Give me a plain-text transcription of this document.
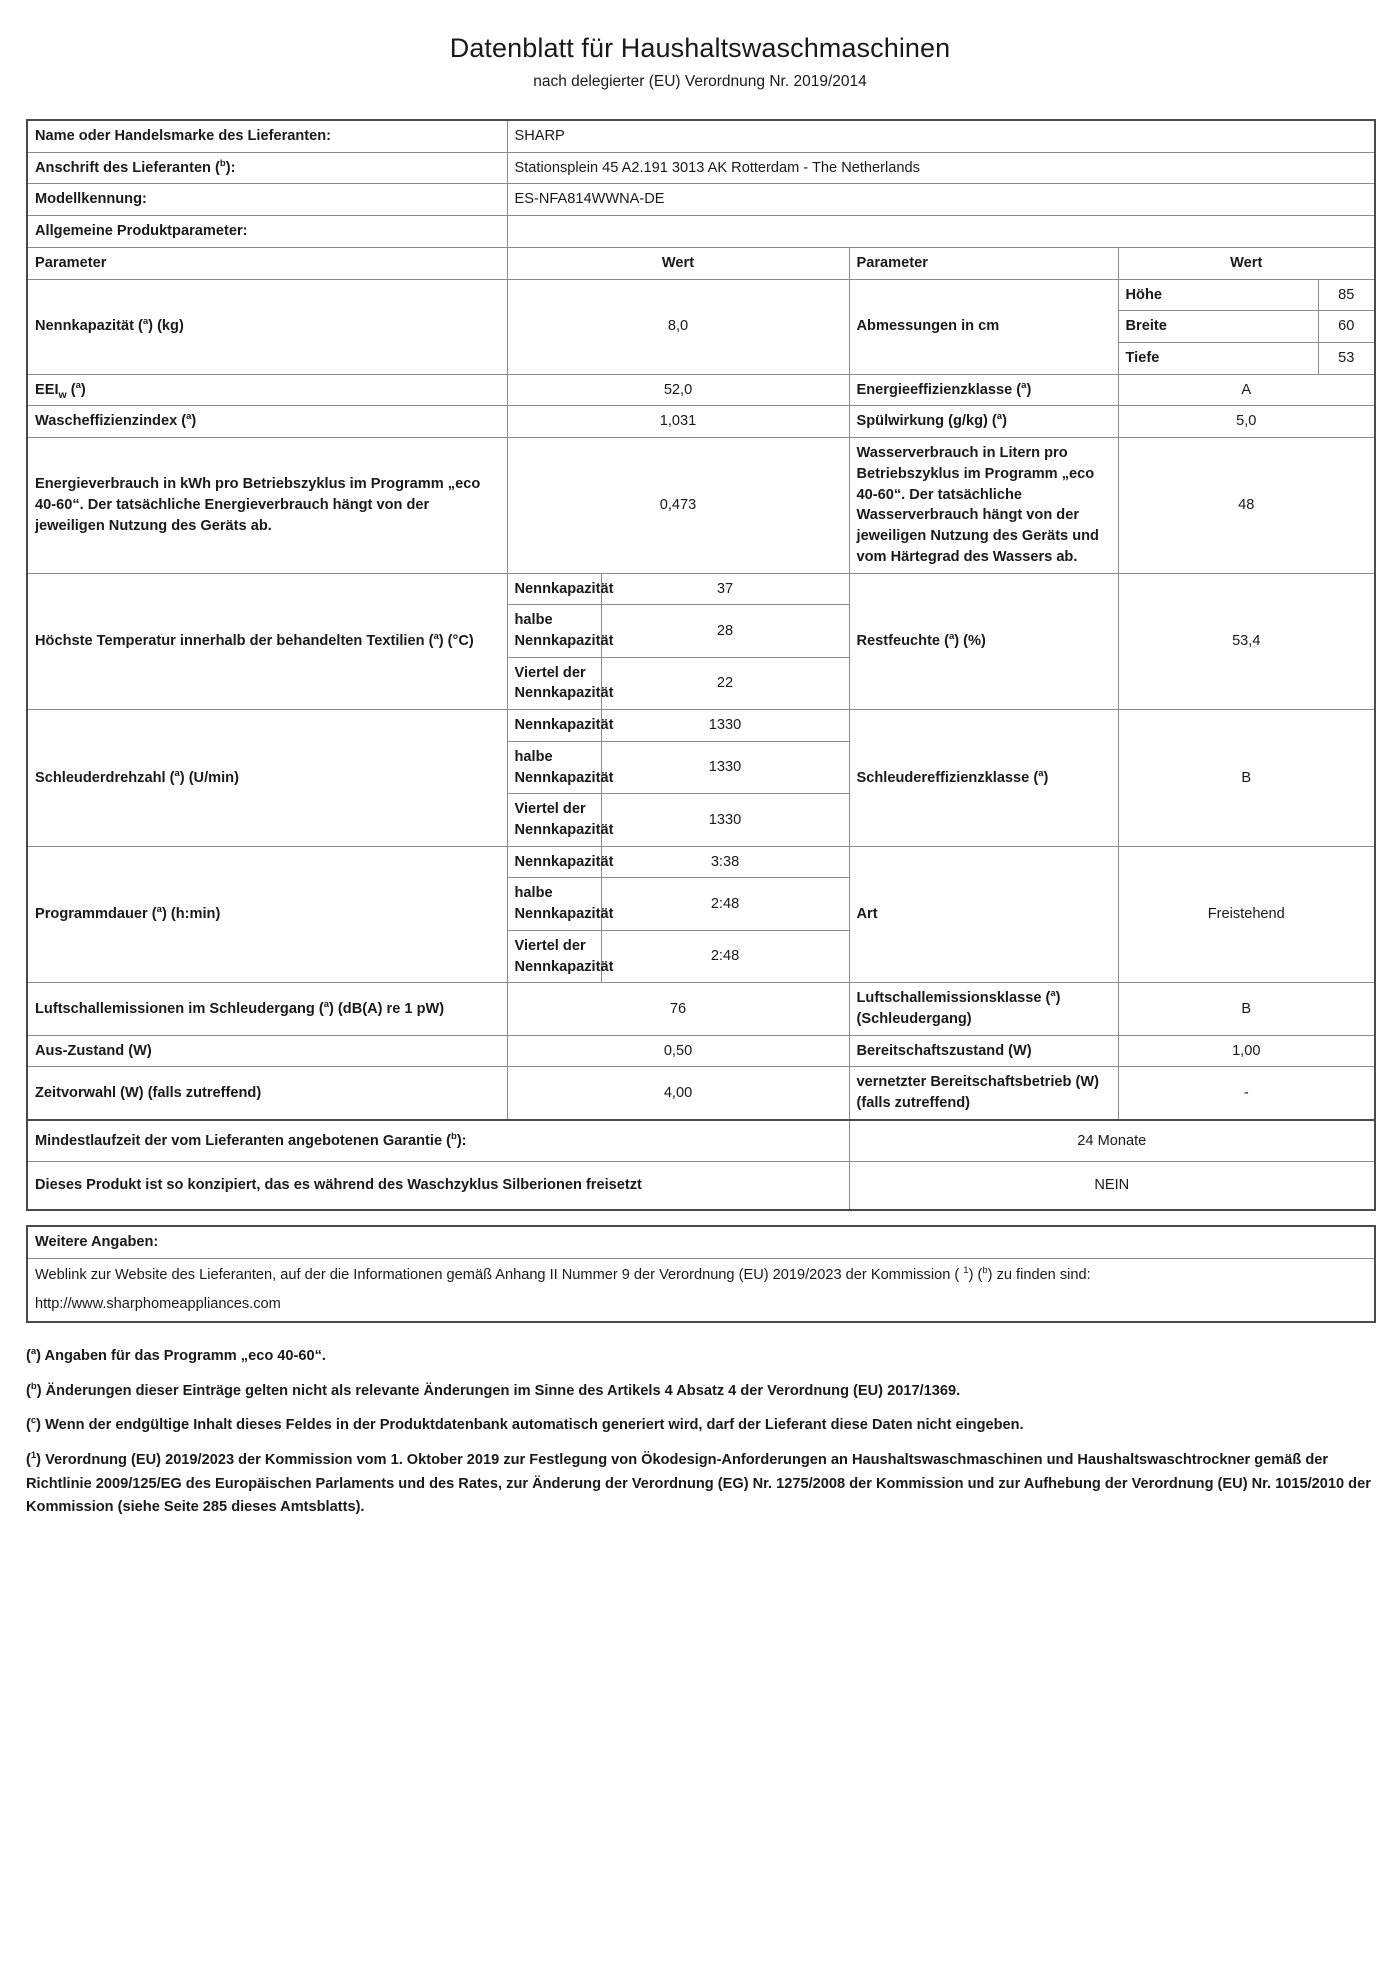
Datenblatt für Haushaltswaschmaschinen

nach delegierter (EU) Verordnung Nr. 2019/2014

Name oder Handelsmarke des Lieferanten:	SHARP				
Anschrift des Lieferanten ($^b$):	Stationsplein 45 A2.191 3013 AK Rotterdam - The Netherlands				
Modellkennung:	ES-NFA814WWNA-DE				
Allgemeine Produktparameter:					
Parameter	Wert		Parameter	Wert	
Nennkapazität ($^a$) (kg)	8,0		Abmessungen in cm	Höhe	85
				Breite	60
				Tiefe	53
$EEI_w$ ($^a$)	52,0		Energieeffizienzklasse ($^a$)	A	
Wascheffizienzindex ($^a$)	1,031		Spülwirkung (g/kg) ($^a$)	5,0	
Energieverbrauch in kWh pro Betriebszyklus im Programm „eco 40-60“. Der tatsächliche Energieverbrauch hängt von der jeweiligen Nutzung des Geräts ab.	0,473		Wasserverbrauch in Litern pro Betriebszyklus im Programm „eco 40-60“. Der tatsächliche Wasserverbrauch hängt von der jeweiligen Nutzung des Geräts und vom Härtegrad des Wassers ab.	48	
Höchste Temperatur innerhalb der behandelten Textilien ($^a$) (°C)	Nennkapazität	37	Restfeuchte ($^a$) (%)	53,4	
	halbe Nennkapazität	28			
	Viertel der Nennkapazität	22			
Schleuderdrehzahl ($^a$) (U/min)	Nennkapazität	1330	Schleudereffizienzklasse ($^a$)	B	
	halbe Nennkapazität	1330			
	Viertel der Nennkapazität	1330			
Programmdauer ($^a$) (h:min)	Nennkapazität	3:38	Art	Freistehend	
	halbe Nennkapazität	2:48			
	Viertel der Nennkapazität	2:48			
Luftschallemissionen im Schleudergang ($^a$) (dB(A) re 1 pW)	76		Luftschallemissionsklasse ($^a$) (Schleudergang)	B	
Aus-Zustand (W)	0,50		Bereitschaftszustand (W)	1,00	
Zeitvorwahl (W) (falls zutreffend)	4,00		vernetzter Bereitschaftsbetrieb (W) (falls zutreffend)	-	
Mindestlaufzeit der vom Lieferanten angebotenen Garantie ($^b$):			24 Monate		
Dieses Produkt ist so konzipiert, das es während des Waschzyklus Silberionen freisetzt			NEIN		

Weitere Angaben:					

Weblink zur Website des Lieferanten, auf der die Informationen gemäß Anhang II Nummer 9 der Verordnung (EU) 2019/2023 der Kommission ( $^1$) ($^b$) zu finden sind:
http://www.sharphomeappliances.com					
($^a$) Angaben für das Programm „eco 40-60“.
($^b$) Änderungen dieser Einträge gelten nicht als relevante Änderungen im Sinne des Artikels 4 Absatz 4 der Verordnung (EU) 2017/1369.
($^c$) Wenn der endgültige Inhalt dieses Feldes in der Produktdatenbank automatisch generiert wird, darf der Lieferant diese Daten nicht eingeben.
($^1$) Verordnung (EU) 2019/2023 der Kommission vom 1. Oktober 2019 zur Festlegung von Ökodesign-Anforderungen an Haushaltswaschmaschinen und Haushaltswaschtrockner gemäß der Richtlinie 2009/125/EG des Europäischen Parlaments und des Rates, zur Änderung der Verordnung (EG) Nr. 1275/2008 der Kommission und zur Aufhebung der Verordnung (EU) Nr. 1015/2010 der Kommission (siehe Seite 285 dieses Amtsblatts).
